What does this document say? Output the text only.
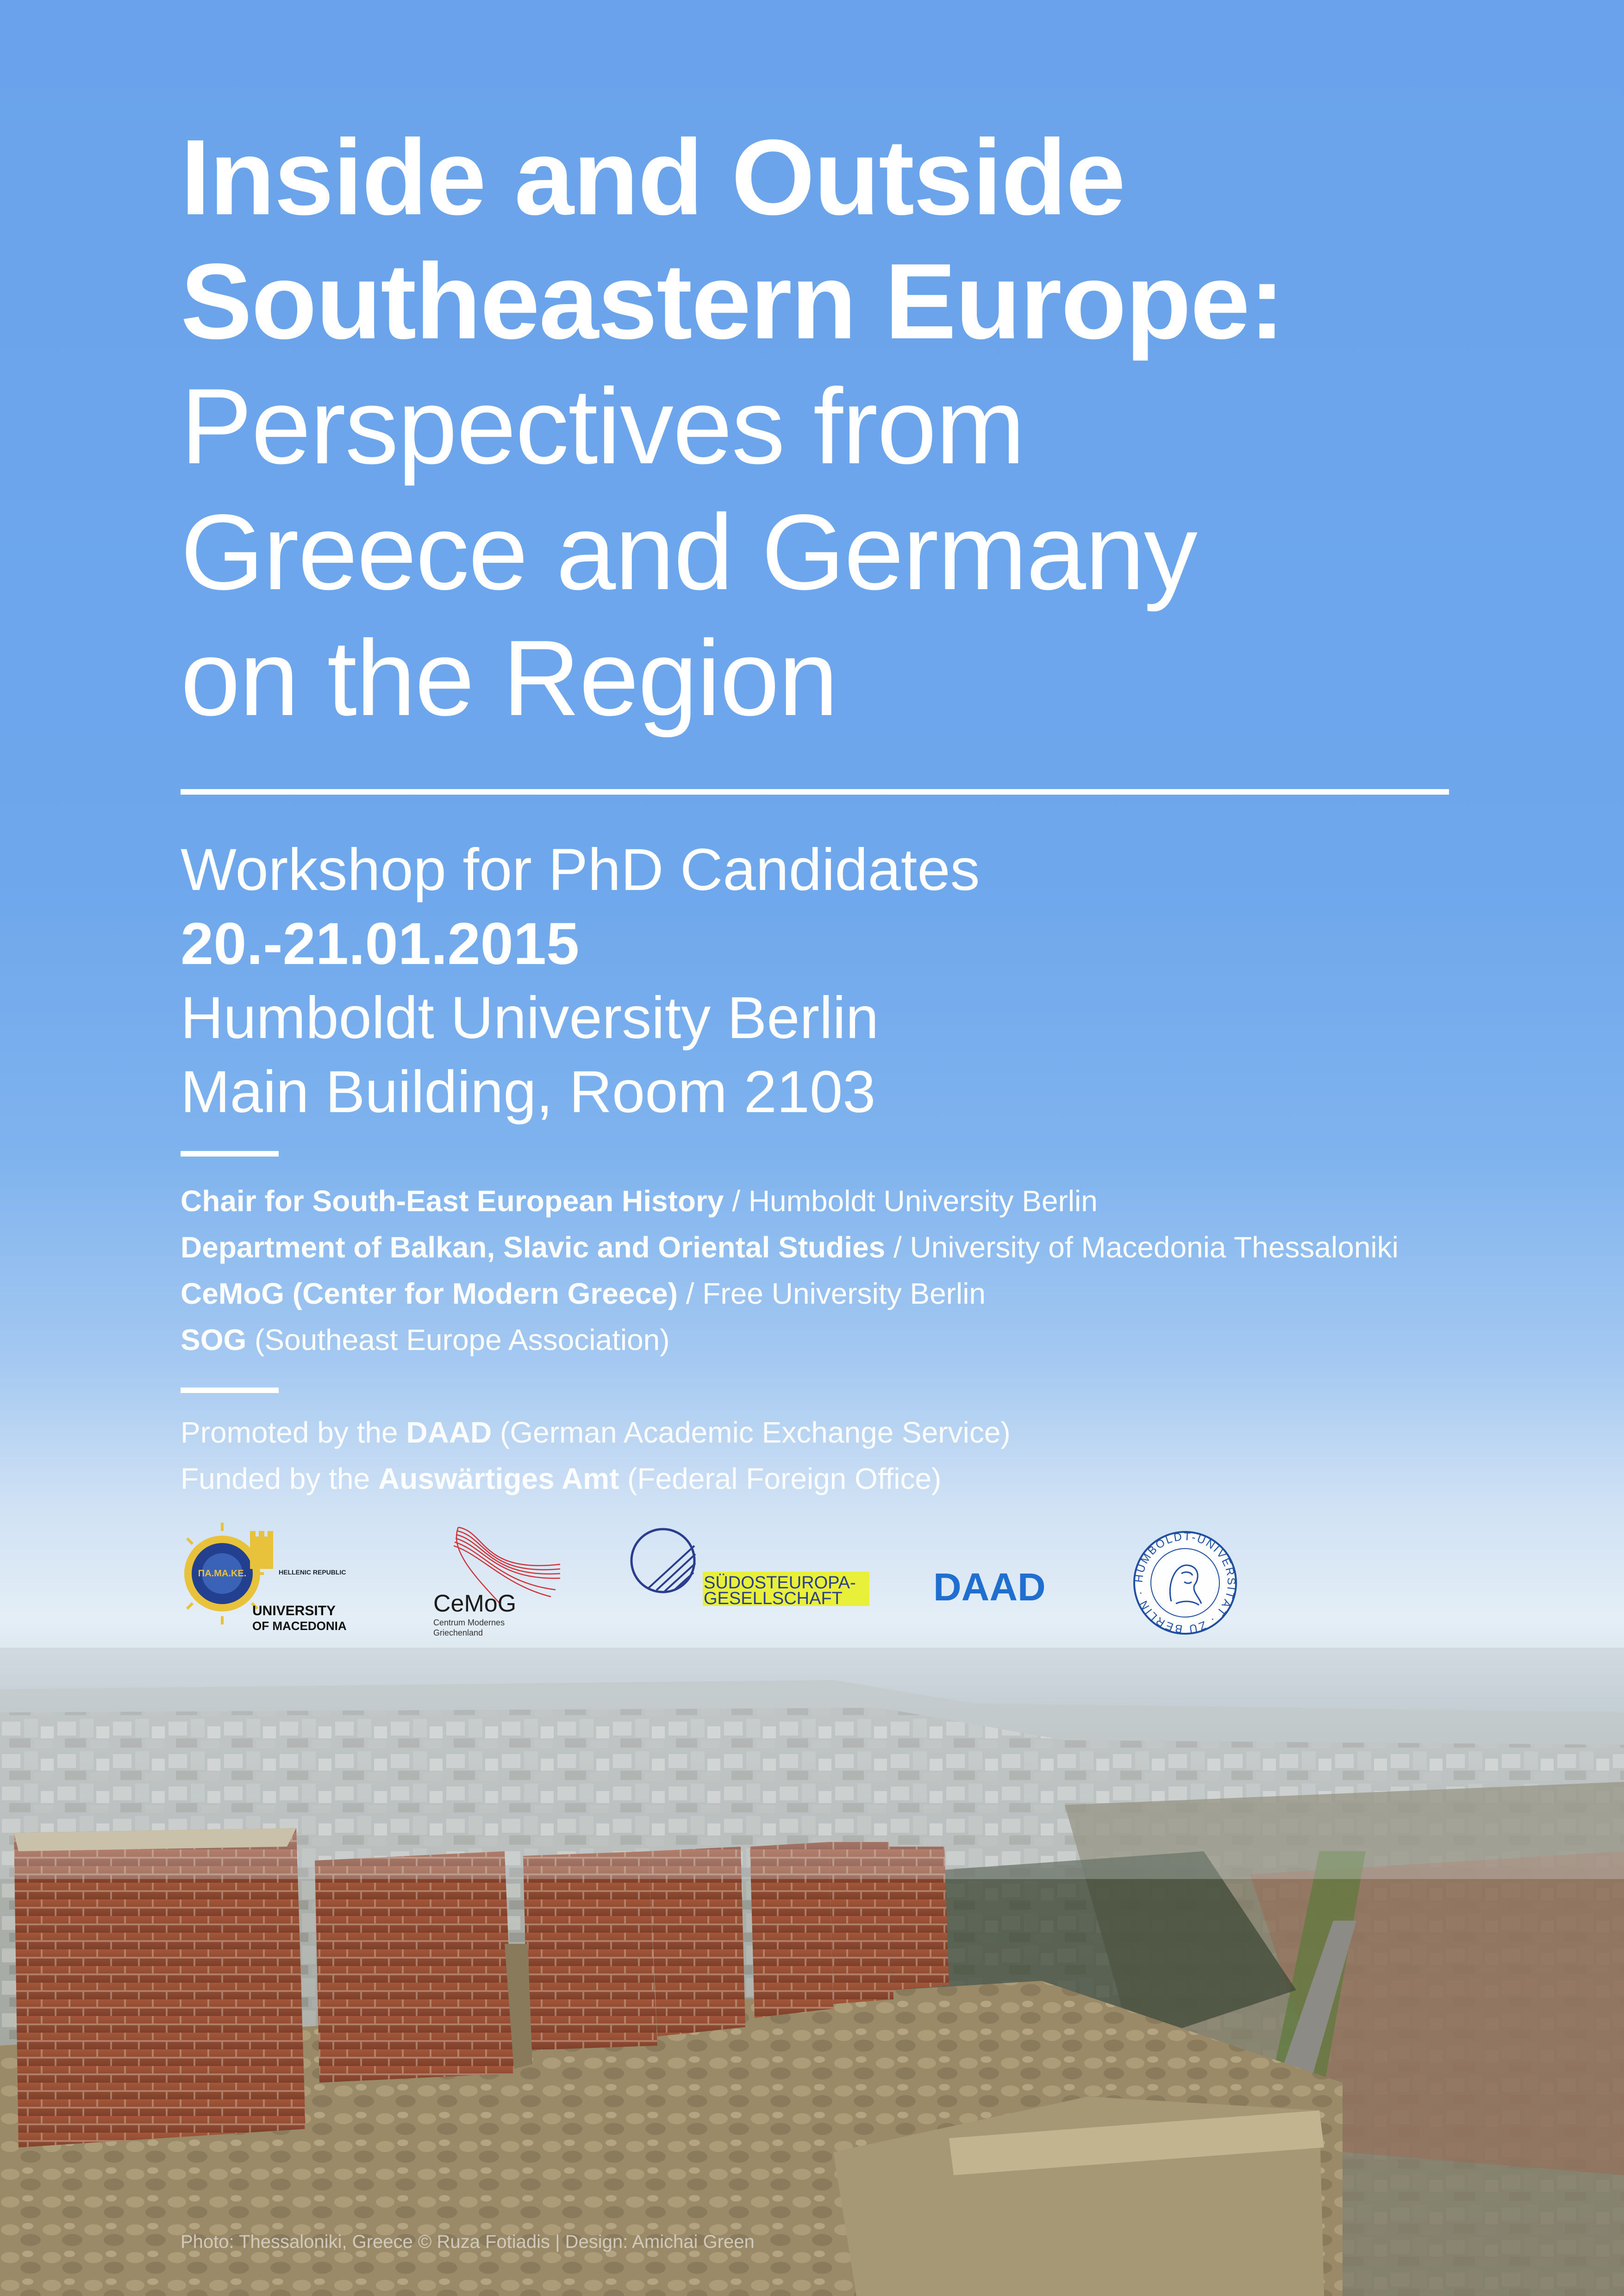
Inside and Outside
Southeastern Europe:
Perspectives from
Greece and Germany
on the Region
Workshop for PhD Candidates
20.-21.01.2015
Humboldt University Berlin
Main Building, Room 2103
Chair for South-East European History / Humboldt University Berlin
Department of Balkan, Slavic and Oriental Studies / University of Macedonia Thessaloniki
CeMoG (Center for Modern Greece) / Free University Berlin
SOG (Southeast Europe Association)
Promoted by the DAAD (German Academic Exchange Service)
Funded by the Auswärtiges Amt (Federal Foreign Office)
ΠΑ.ΜΑ.ΚΕ.	HELLENIC REPUBLIC
UNIVERSITY
OF MACEDONIA
CeMoG
Centrum Modernes
Griechenland
SÜDOSTEUROPA-
GESELLSCHAFT DAAD	HUMBOLDT-UNIVERSITÄT · ZU BERLIN ·
Photo: Thessaloniki, Greece © Ruza Fotiadis | Design: Amichai Green
